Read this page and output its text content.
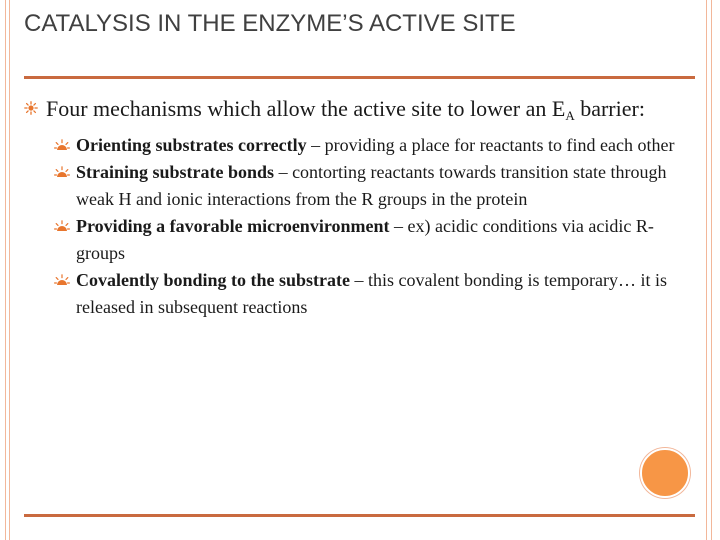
CATALYSIS IN THE ENZYME’S ACTIVE SITE
Four mechanisms which allow the active site to lower an $E_A$ barrier:
Orienting substrates correctly – providing a place for reactants to find each other
Straining substrate bonds – contorting reactants towards transition state through weak H and ionic interactions from the R groups in the protein
Providing a favorable microenvironment – ex) acidic conditions via acidic R-groups
Covalently bonding to the substrate – this covalent bonding is temporary… it is released in subsequent reactions
